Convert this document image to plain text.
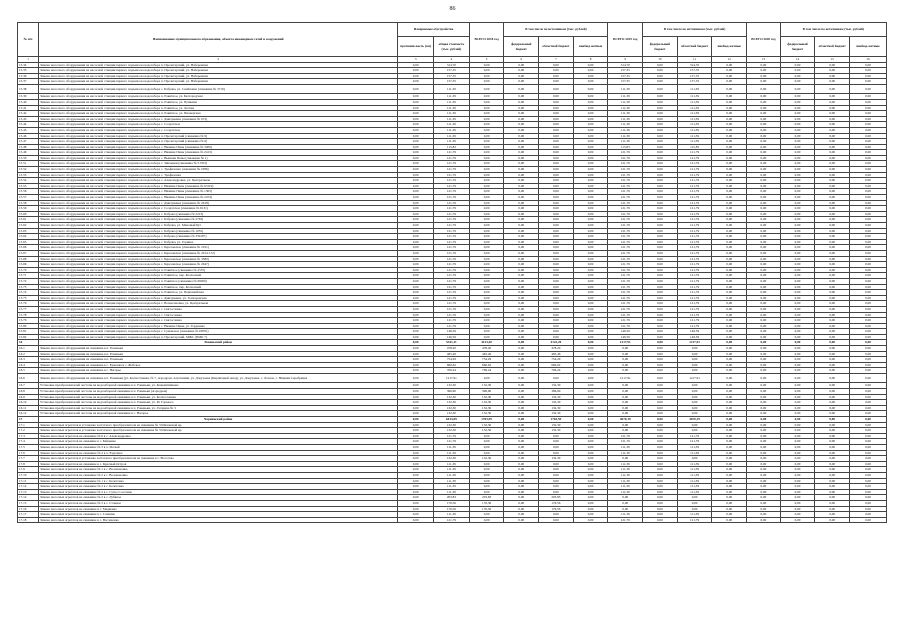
86
№ п/п	Наименование муниципального образования, объекта инженерных сетей и сооружений	Измеряемые обустройства		ВСЕГО 2018 год	В том числе по источникам (тыс. рублей)			ВСЕГО 2019 год	В том числе по источникам (тыс. рублей)			ВСЕГО 2020 год	В том числе по источникам (тыс. рублей)		
		протяжён-ность (км)	общая стоимость (тыс. рублей)		федеральный бюджет	областной бюджет	внебюд-жетные		федеральный бюджет	областной бюджет	внебюд-жетные		федеральный бюджет	областной бюджет	внебюд-жетные
1	2	3	4	5	6	7	8	9	10	11	12	13	14	15	16
15.34	Замена насосного оборудования на насосной станции первого подъема на водозаборе п. Пролетарский, ул. Набережная	0,00	314,70	0,00	0,00	0,00	0,00	314,70	0,00	314,70	0,00	0,00	0,00	0,00	0,00
15.35	Замена насосного оборудования на насосной станции первого подъема на водозаборе п. Пролетарский, ул. Набережная	0,00	157,35	0,00	0,00	0,00	0,00	157,35	0,00	157,35	0,00	0,00	0,00	0,00	0,00
15.36	Замена насосного оборудования на насосной станции первого подъема на водозаборе п. Пролетарский, ул. Набережная	0,00	157,35	0,00	0,00	0,00	0,00	157,35	0,00	157,35	0,00	0,00	0,00	0,00	0,00
15.37	Замена насосного оборудования на насосной станции первого подъема на водозаборе п. Пролетарский, ул. Набережная	0,00	157,35	0,00	0,00	0,00	0,00	157,35	0,00	157,35	0,00	0,00	0,00	0,00	0,00
15.38	Замена насосного оборудования на насосной станции первого подъема на водозаборе с. Бобрава, ул. Семёновка (скважина № 3719)	0,00	111,39	0,00	0,00	0,00	0,00	111,39	0,00	111,39	0,00	0,00	0,00	0,00	0,00
15.39	Замена насосного оборудования на насосной станции первого подъема на водозаборе п. Ракитное, ул. Белгородская	0,00	111,39	0,00	0,00	0,00	0,00	111,39	0,00	111,39	0,00	0,00	0,00	0,00	0,00
15.40	Замена насосного оборудования на насосной станции первого подъема на водозаборе п. Ракитное, ул. Пушкина	0,00	111,39	0,00	0,00	0,00	0,00	111,39	0,00	111,39	0,00	0,00	0,00	0,00	0,00
15.41	Замена насосного оборудования на насосной станции первого подъема на водозаборе п. Ракитное, ул. Лесная	0,00	111,39	0,00	0,00	0,00	0,00	111,39	0,00	111,39	0,00	0,00	0,00	0,00	0,00
15.42	Замена насосного оборудования на насосной станции первого подъема на водозаборе п. Ракитное, ул. Пионерская	0,00	111,39	0,00	0,00	0,00	0,00	111,39	0,00	111,39	0,00	0,00	0,00	0,00	0,00
15.43	Замена насосного оборудования на насосной станции первого подъема на водозаборе с. Дмитриевка (скважина № 672)	0,00	111,39	0,00	0,00	0,00	0,00	111,39	0,00	111,39	0,00	0,00	0,00	0,00	0,00
15.44	Замена насосного оборудования на насосной станции первого подъема на водозаборе с. Солдатское	0,00	111,39	0,00	0,00	0,00	0,00	111,39	0,00	111,39	0,00	0,00	0,00	0,00	0,00
15.45	Замена насосного оборудования на насосной станции первого подъема на водозаборе с. Солдатское	0,00	111,39	0,00	0,00	0,00	0,00	111,39	0,00	111,39	0,00	0,00	0,00	0,00	0,00
15.46	Замена насосного оборудования на насосной станции первого подъема на водозаборе п. Пролетарский (скважина № 9)	0,00	111,39	0,00	0,00	0,00	0,00	111,39	0,00	111,39	0,00	0,00	0,00	0,00	0,00
15.47	Замена насосного оборудования на насосной станции первого подъема на водозаборе п. Пролетарский (скважина № 6)	0,00	111,39	0,00	0,00	0,00	0,00	111,39	0,00	111,39	0,00	0,00	0,00	0,00	0,00
15.48	Замена насосного оборудования на насосной станции первого подъема на водозаборе с. Нижние Пены (скважина № 3409)	0,00	115,83	0,00	0,00	0,00	0,00	115,83	0,00	115,83	0,00	0,00	0,00	0,00	0,00
15.49	Замена насосного оборудования на насосной станции первого подъема на водозаборе с. Нижние Пены (скважина № 2413)	0,00	121,79	0,00	0,00	0,00	0,00	121,79	0,00	121,79	0,00	0,00	0,00	0,00	0,00
15.50	Замена насосного оборудования на насосной станции первого подъема на водозаборе с. Вышние Пены (скважина № 1)	0,00	121,79	0,00	0,00	0,00	0,00	121,79	0,00	121,79	0,00	0,00	0,00	0,00	0,00
15.51	Замена насосного оборудования на насосной станции первого подъема на водозаборе с. Зинченки (скважина № 51353)	0,00	121,79	0,00	0,00	0,00	0,00	121,79	0,00	121,79	0,00	0,00	0,00	0,00	0,00
15.52	Замена насосного оборудования на насосной станции первого подъема на водозаборе с. Трефиловка (скважина № 2286)	0,00	121,79	0,00	0,00	0,00	0,00	121,79	0,00	121,79	0,00	0,00	0,00	0,00	0,00
15.53	Замена насосного оборудования на насосной станции первого подъема на водозаборе с. Трефиловка	0,00	121,79	0,00	0,00	0,00	0,00	121,79	0,00	121,79	0,00	0,00	0,00	0,00	0,00
15.54	Замена насосного оборудования на насосной станции первого подъема на водозаборе с. Александровка, ул. Центральная	0,00	121,79	0,00	0,00	0,00	0,00	121,79	0,00	121,79	0,00	0,00	0,00	0,00	0,00
15.55	Замена насосного оборудования на насосной станции первого подъема на водозаборе с. Нижние Пены (скважина № 63119)	0,00	121,79	0,00	0,00	0,00	0,00	121,79	0,00	121,79	0,00	0,00	0,00	0,00	0,00
15.56	Замена насосного оборудования на насосной станции первого подъема на водозаборе с. Нижние Пены (скважина № 1303)	0,00	121,79	0,00	0,00	0,00	0,00	121,79	0,00	121,79	0,00	0,00	0,00	0,00	0,00
15.57	Замена насосного оборудования на насосной станции первого подъема на водозаборе с. Нижние Пены (скважина № 2474)	0,00	121,79	0,00	0,00	0,00	0,00	121,79	0,00	121,79	0,00	0,00	0,00	0,00	0,00
15.58	Замена насосного оборудования на насосной станции первого подъема на водозаборе с. Дмитриевка (скважина № 2618)	0,00	121,79	0,00	0,00	0,00	0,00	121,79	0,00	121,79	0,00	0,00	0,00	0,00	0,00
15.59	Замена насосного оборудования на насосной станции первого подъема на водозаборе с. Солдатское (скважина № 6131)	0,00	121,79	0,00	0,00	0,00	0,00	121,79	0,00	121,79	0,00	0,00	0,00	0,00	0,00
15.60	Замена насосного оборудования на насосной станции первого подъема на водозаборе с. Бобрава (скважина № 2213)	0,00	121,79	0,00	0,00	0,00	0,00	121,79	0,00	121,79	0,00	0,00	0,00	0,00	0,00
15.61	Замена насосного оборудования на насосной станции первого подъема на водозаборе с. Бобрава (скважина № 2763)	0,00	121,79	0,00	0,00	0,00	0,00	121,79	0,00	121,79	0,00	0,00	0,00	0,00	0,00
15.62	Замена насосного оборудования на насосной станции первого подъема на водозаборе с. Бобрава, ул. Миловый Кут	0,00	121,79	0,00	0,00	0,00	0,00	121,79	0,00	121,79	0,00	0,00	0,00	0,00	0,00
15.63	Замена насосного оборудования на насосной станции первого подъема на водозаборе с. Бобрава (скважина № 1055)	0,00	121,79	0,00	0,00	0,00	0,00	121,79	0,00	121,79	0,00	0,00	0,00	0,00	0,00
15.64	Замена насосного оборудования на насосной станции первого подъема на водозаборе с. Бобрава (скважина № 330187)	0,00	121,79	0,00	0,00	0,00	0,00	121,79	0,00	121,79	0,00	0,00	0,00	0,00	0,00
15.65	Замена насосного оборудования на насосной станции первого подъема на водозаборе с. Бобрава, ул. Горинка	0,00	121,79	0,00	0,00	0,00	0,00	121,79	0,00	121,79	0,00	0,00	0,00	0,00	0,00
15.66	Замена насосного оборудования на насосной станции первого подъема на водозаборе с. Березовское (скважина № 2161)	0,00	121,79	0,00	0,00	0,00	0,00	121,79	0,00	121,79	0,00	0,00	0,00	0,00	0,00
15.67	Замена насосного оборудования на насосной станции первого подъема на водозаборе с. Березовское (скважина № 2014-172)	0,00	121,79	0,00	0,00	0,00	0,00	121,79	0,00	121,79	0,00	0,00	0,00	0,00	0,00
15.68	Замена насосного оборудования на насосной станции первого подъема на водозаборе с. Березовское (скважина № 3580)	0,00	121,79	0,00	0,00	0,00	0,00	121,79	0,00	121,79	0,00	0,00	0,00	0,00	0,00
15.69	Замена насосного оборудования на насосной станции первого подъема на водозаборе с. Березовское (скважина № 2647)	0,00	121,79	0,00	0,00	0,00	0,00	121,79	0,00	121,79	0,00	0,00	0,00	0,00	0,00
15.70	Замена насосного оборудования на насосной станции первого подъема на водозаборе п. Ракитное (скважина № 2555)	0,00	121,79	0,00	0,00	0,00	0,00	121,79	0,00	121,79	0,00	0,00	0,00	0,00	0,00
15.71	Замена насосного оборудования на насосной станции первого подъема на водозаборе п. Ракитное, пер. Колхозный	0,00	121,79	0,00	0,00	0,00	0,00	121,79	0,00	121,79	0,00	0,00	0,00	0,00	0,00
15.72	Замена насосного оборудования на насосной станции первого подъема на водозаборе п. Ракитное (скважина № 69200)	0,00	121,79	0,00	0,00	0,00	0,00	121,79	0,00	121,79	0,00	0,00	0,00	0,00	0,00
15.73	Замена насосного оборудования на насосной станции первого подъема на водозаборе п. Ракитное, пер. Колхозный	0,00	121,79	0,00	0,00	0,00	0,00	121,79	0,00	121,79	0,00	0,00	0,00	0,00	0,00
15.74	Замена насосного оборудования на насосной станции первого подъема на водозаборе п. Ракитное, ул. Первомайская	0,00	121,79	0,00	0,00	0,00	0,00	121,79	0,00	121,79	0,00	0,00	0,00	0,00	0,00
15.75	Замена насосного оборудования на насосной станции первого подъема на водозаборе с. Дмитриевка, ул. Гончаровская	0,00	121,79	0,00	0,00	0,00	0,00	121,79	0,00	121,79	0,00	0,00	0,00	0,00	0,00
15.76	Замена насосного оборудования на насосной станции первого подъема на водозаборе с. Вознесеновка, ул. Центральная	0,00	121,79	0,00	0,00	0,00	0,00	121,79	0,00	121,79	0,00	0,00	0,00	0,00	0,00
15.77	Замена насосного оборудования на насосной станции первого подъема на водозаборе с. Святославка	0,00	121,79	0,00	0,00	0,00	0,00	121,79	0,00	121,79	0,00	0,00	0,00	0,00	0,00
15.78	Замена насосного оборудования на насосной станции первого подъема на водозаборе с. Святославка	0,00	121,79	0,00	0,00	0,00	0,00	121,79	0,00	121,79	0,00	0,00	0,00	0,00	0,00
15.79	Замена насосного оборудования на насосной станции первого подъема на водозаборе с. Святославка	0,00	121,79	0,00	0,00	0,00	0,00	121,79	0,00	121,79	0,00	0,00	0,00	0,00	0,00
15.80	Замена насосного оборудования на насосной станции первого подъема на водозаборе с. Нижние Пены, ул. Гордеевка	0,00	121,79	0,00	0,00	0,00	0,00	121,79	0,00	121,79	0,00	0,00	0,00	0,00	0,00
15.81	Замена насосного оборудования на насосной станции первого подъема на водозаборе с. Сумовское (скважина № 60591)	0,00	146,59	0,00	0,00	0,00	0,00	146,59	0,00	146,59	0,00	0,00	0,00	0,00	0,00
15.82	Замена насосного оборудования на насосной станции первого подъема на водозаборе п. Пролетарский, МЖС (ПМК 7)	0,00	146,59	0,00	0,00	0,00	0,00	146,59	0,00	146,59	0,00	0,00	0,00	0,00	0,00
16	Ровеньский район	0,00	5341,11	4123,20	0,00	4123,20	0,00	1217,91	0,00	1217,91	0,00	0,00	0,00	0,00	0,00
16.1	Замена насосного оборудования на скважине в п. Ровеньки	0,00	478,20	478,20	0,00	478,20	0,00	0,00	0,00	0,00	0,00	0,00	0,00	0,00	0,00
16.2	Замена насосного оборудования на скважине в п. Ровеньки	0,00	465,46	465,46	0,00	465,46	0,00	0,00	0,00	0,00	0,00	0,00	0,00	0,00	0,00
16.3	Замена насосного оборудования на скважине в п. Ровеньки	0,00	754,29	754,29	0,00	754,29	0,00	0,00	0,00	0,00	0,00	0,00	0,00	0,00	0,00
16.4	Замена насосного оборудования на скважине в с. Ержовка и с. Жабское	0,00	660,62	660,62	0,00	660,62	0,00	0,00	0,00	0,00	0,00	0,00	0,00	0,00	0,00
16.5	Замена насосного оборудования на скважине в с. Нагорье	0,00	706,24	706,24	0,00	706,24	0,00	0,00	0,00	0,00	0,00	0,00	0,00	0,00	0,00
16.6	Замена насосного оборудования на скважине в п. Ровеньки (ул. Колхозтовная, № 7, Аэродром, Агрохимия, ул. Докучаева (Кирпичный завод), ул. Докучаева, с. Лозное, с. Нижняя Серебрянка	0,00	1217,91	0,00	0,00	0,00	0,00	1217,91	0,00	1217,91	0,00	0,00	0,00	0,00	0,00
16.7	Установка преобразователей частоты на водозаборной скважине в п. Ровеньки, ул. Кожемятникова	0,00	132,30	132,30	0,00	132,30	0,00	0,00	0,00	0,00	0,00	0,00	0,00	0,00	0,00
16.8	Установка преобразователей частоты на водозаборной скважине в п. Ровеньки (Аэродром)	0,00	396,90	396,90	0,00	396,90	0,00	0,00	0,00	0,00	0,00	0,00	0,00	0,00	0,00
16.9	Установка преобразователей частоты на водозаборной скважине в п. Ровеньки, ул. Колхозтовная	0,00	132,30	132,30	0,00	132,30	0,00	0,00	0,00	0,00	0,00	0,00	0,00	0,00	0,00
16.10	Установка преобразователей частоты на водозаборной скважине в п. Ровеньки, ул. М. Горького	0,00	132,30	132,30	0,00	132,30	0,00	0,00	0,00	0,00	0,00	0,00	0,00	0,00	0,00
16.11	Установка преобразователей частоты на водозаборной скважине в п. Ровеньки, ул. Гагарина № 3	0,00	132,30	132,30	0,00	132,30	0,00	0,00	0,00	0,00	0,00	0,00	0,00	0,00	0,00
16.12	Установка преобразователей частоты на водозаборной скважине в с. Нагорье	0,00	132,30	132,30	0,00	132,30	0,00	0,00	0,00	0,00	0,00	0,00	0,00	0,00	0,00
17	Чернянский район	0,00	6433,09	1763,59	0,00	1763,59	0,00	4670,19	0,00	4670,19	0,00	0,00	0,00	0,00	0,00
17.1	Замена насосных агрегатов и установка частотного преобразователя на скважине № 3 Шаховской кр.	0,00	132,30	132,30	0,00	132,30	0,00	0,00	0,00	0,00	0,00	0,00	0,00	0,00	0,00
17.2	Замена насосных агрегатов и установка частотного преобразователя на скважине № 3 Шаховской кр.	0,00	132,30	132,30	0,00	132,30	0,00	0,00	0,00	0,00	0,00	0,00	0,00	0,00	0,00
17.3	Замена насосных агрегатов на скважине № 6 в с. Александровка	0,00	121,79	0,00	0,00	0,00	0,00	121,79	0,00	121,79	0,00	0,00	0,00	0,00	0,00
17.4	Замена насосных агрегатов на скважине в с. Байценко	0,00	121,79	0,00	0,00	0,00	0,00	121,79	0,00	121,79	0,00	0,00	0,00	0,00	0,00
17.5	Замена насосных агрегатов на скважине № 3 в х. Малый	0,00	111,39	0,00	0,00	0,00	0,00	111,39	0,00	111,39	0,00	0,00	0,00	0,00	0,00
17.6	Замена насосных агрегатов на скважине № 2 в х. Ездочное	0,00	111,39	0,00	0,00	0,00	0,00	111,39	0,00	111,39	0,00	0,00	0,00	0,00	0,00
17.7	Замена насосных агрегатов и установка частотного преобразователя на скважине в с. Волотово	0,00	132,30	132,30	0,00	132,30	0,00	0,00	0,00	0,00	0,00	0,00	0,00	0,00	0,00
17.8	Замена насосных агрегатов на скважине в с. Красный Остров	0,00	111,39	0,00	0,00	0,00	0,00	111,39	0,00	111,39	0,00	0,00	0,00	0,00	0,00
17.9	Замена насосных агрегатов на скважине № 1 в с. Волоконовка	0,00	111,39	0,00	0,00	0,00	0,00	111,39	0,00	111,39	0,00	0,00	0,00	0,00	0,00
17.10	Замена насосных агрегатов на скважине № 2 в с. Волоконовка	0,00	111,39	0,00	0,00	0,00	0,00	111,39	0,00	111,39	0,00	0,00	0,00	0,00	0,00
17.11	Замена насосных агрегатов на скважине № 1 в с. Кочетовка	0,00	111,39	0,00	0,00	0,00	0,00	111,39	0,00	111,39	0,00	0,00	0,00	0,00	0,00
17.12	Замена насосных агрегатов на скважине № 2 в с. Кочетовка	0,00	111,39	0,00	0,00	0,00	0,00	111,39	0,00	111,39	0,00	0,00	0,00	0,00	0,00
17.13	Замена насосных агрегатов на скважине № 2 в с. Сухое Солотино	0,00	111,39	0,00	0,00	0,00	0,00	111,39	0,00	111,39	0,00	0,00	0,00	0,00	0,00
17.14	Замена насосных агрегатов на скважине № 2 в с. Лубяное	0,00	203,83	203,83	0,00	203,83	0,00	0,00	0,00	0,00	0,00	0,00	0,00	0,00	0,00
17.15	Замена насосных агрегатов на скважине № 3 в с. Стовное	0,00	176,56	176,56	0,00	176,56	0,00	0,00	0,00	0,00	0,00	0,00	0,00	0,00	0,00
17.16	Замена насосных агрегатов на скважине в с. Медвенка	0,00	176,56	176,56	0,00	176,56	0,00	0,00	0,00	0,00	0,00	0,00	0,00	0,00	0,00
17.17	Замена насосных агрегатов на скважине в с. Сонкино	0,00	111,39	0,00	0,00	0,00	0,00	111,39	0,00	111,39	0,00	0,00	0,00	0,00	0,00
17.18	Замена насосных агрегатов на скважине в с. Ваславовка	0,00	121,79	0,00	0,00	0,00	0,00	121,79	0,00	121,79	0,00	0,00	0,00	0,00	0,00
